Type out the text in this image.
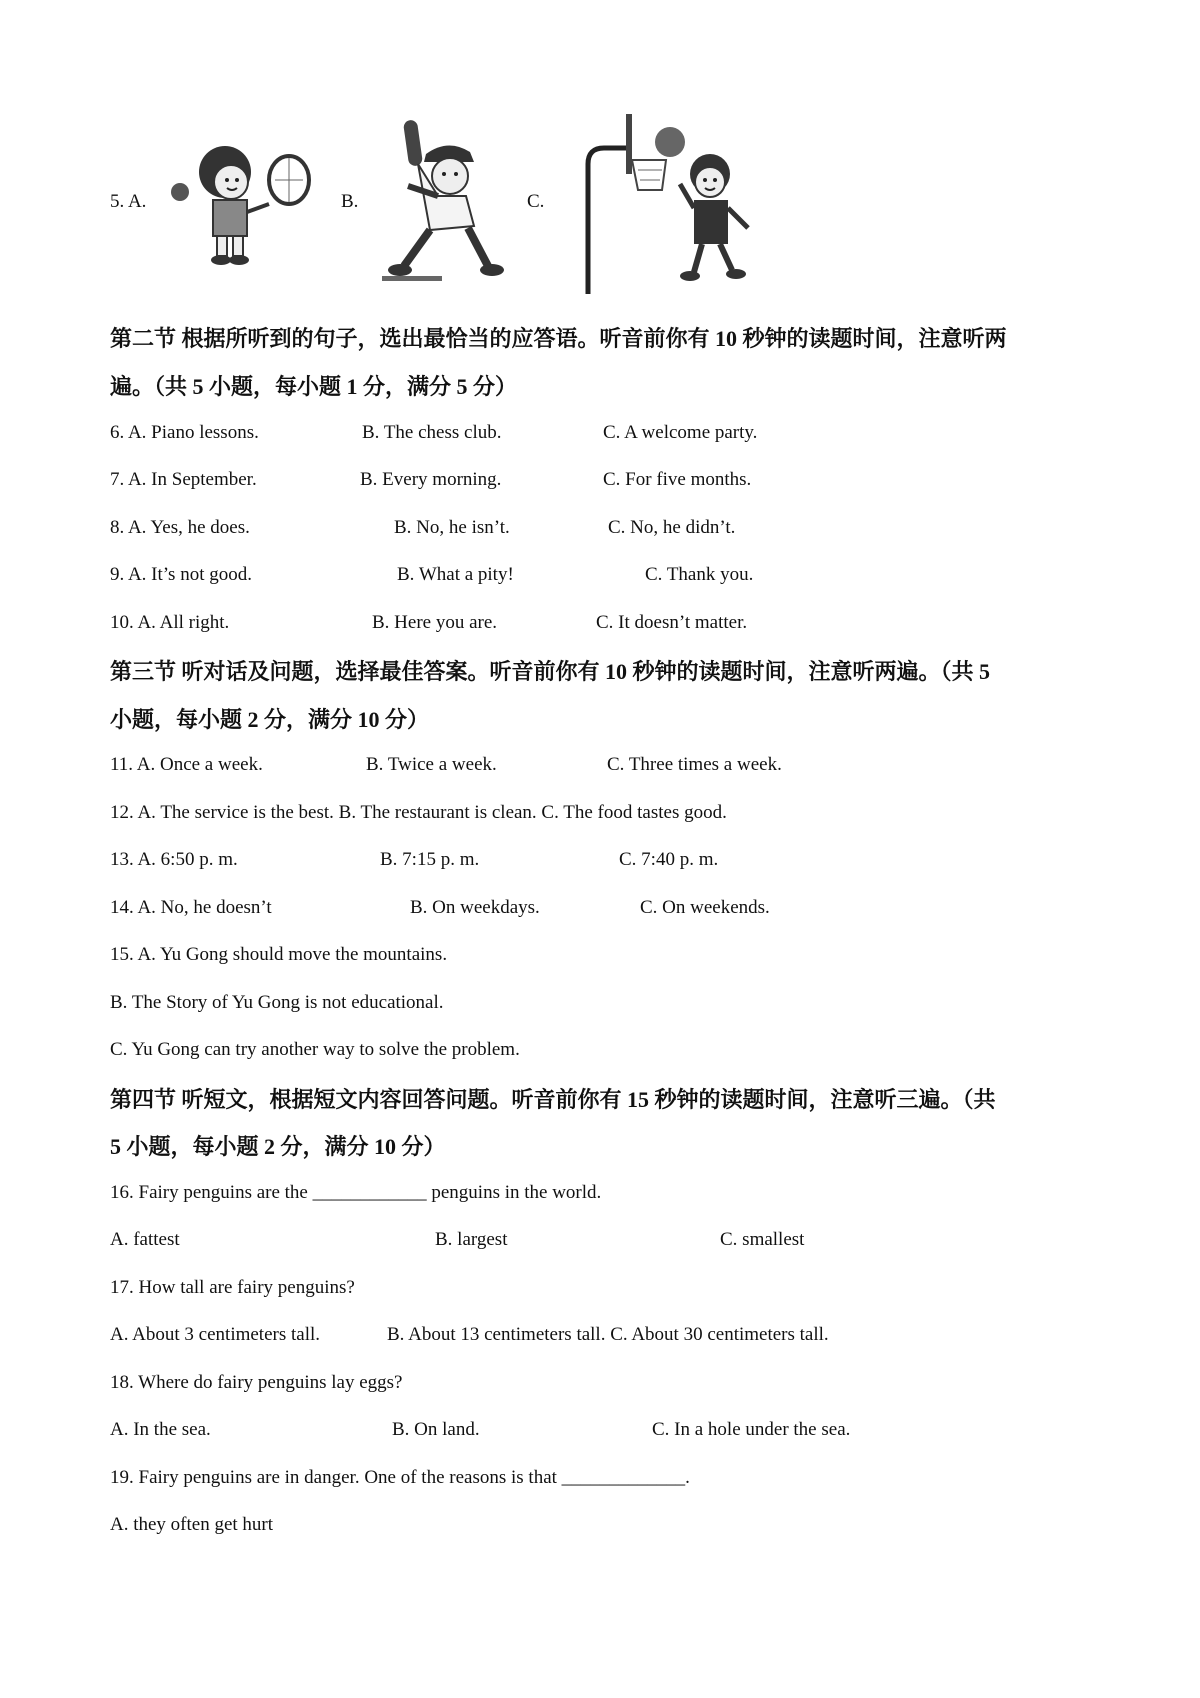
5. A.	B.	C.
第二节 根据所听到的句子，选出最恰当的应答语。听音前你有 10 秒钟的读题时间，注意听两
遍。（共 5 小题，每小题 1 分，满分 5 分）
6. A. Piano lessons.	B. The chess club.	C. A welcome party.
7. A. In September.	B. Every morning.	C. For five months.
8. A. Yes, he does.	B. No, he isn’t.	C. No, he didn’t.
9. A. It’s not good.	B. What a pity!	C. Thank you.
10. A. All right.	B. Here you are.	C. It doesn’t matter.
第三节 听对话及问题，选择最佳答案。听音前你有 10 秒钟的读题时间，注意听两遍。（共 5
小题，每小题 2 分，满分 10 分）
11. A. Once a week.	B. Twice a week.	C. Three times a week.
12. A. The service is the best. B. The restaurant is clean. C. The food tastes good.
13. A. 6:50 p. m.	B. 7:15 p. m.	C. 7:40 p. m.
14. A. No, he doesn’t	B. On weekdays.	C. On weekends.
15. A. Yu Gong should move the mountains.
B. The Story of Yu Gong is not educational.
C. Yu Gong can try another way to solve the problem.
第四节 听短文，根据短文内容回答问题。听音前你有 15 秒钟的读题时间，注意听三遍。（共
5 小题，每小题 2 分，满分 10 分）
16. Fairy penguins are the ____________ penguins in the world.
A. fattest	B. largest	C. smallest
17. How tall are fairy penguins?
A. About 3 centimeters tall.	B. About 13 centimeters tall. C. About 30 centimeters tall.
18. Where do fairy penguins lay eggs?
A. In the sea.	B. On land.	C. In a hole under the sea.
19. Fairy penguins are in danger. One of the reasons is that _____________.
A. they often get hurt
